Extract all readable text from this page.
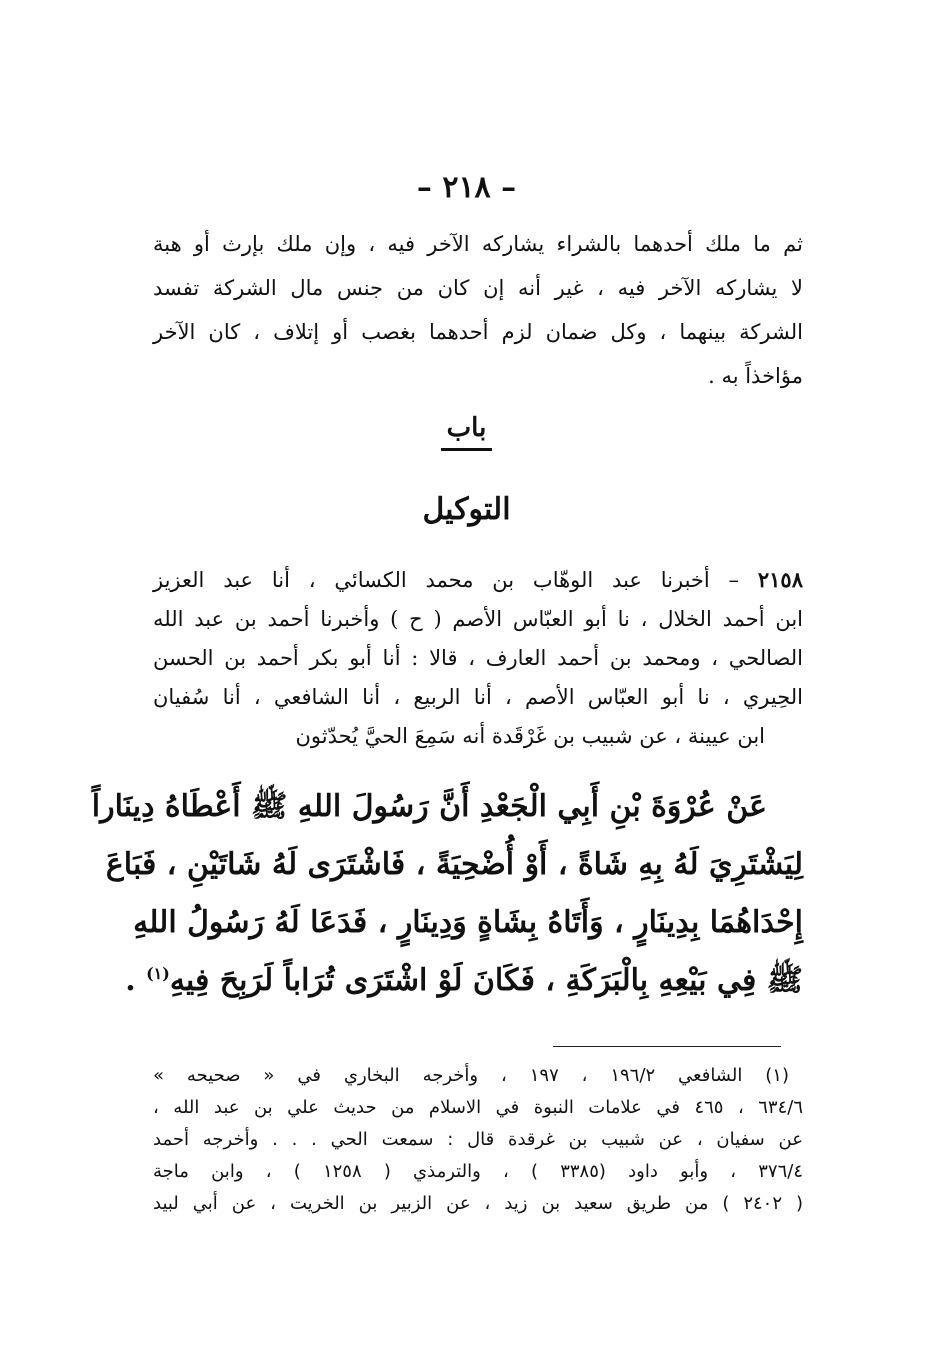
– ٢١٨ –
ثم ما ملك أحدهما بالشراء يشاركه الآخر فيه ، وإن ملك بإرث أو هبة
لا يشاركه الآخر فيه ، غير أنه إن كان من جنس مال الشركة تفسد
الشركة بينهما ، وكل ضمان لزم أحدهما بغصب أو إتلاف ، كان الآخر
مؤاخذاً به .
باب
التوكيل
٢١٥٨ – أخبرنا عبد الوهّاب بن محمد الكسائي ، أنا عبد العزيز
ابن أحمد الخلال ، نا أبو العبّاس الأصم ( ح ) وأخبرنا أحمد بن عبد الله
الصالحي ، ومحمد بن أحمد العارف ، قالا : أنا أبو بكر أحمد بن الحسن
الحِيري ، نا أبو العبّاس الأصم ، أنا الربيع ، أنا الشافعي ، أنا سُفيان
ابن عيينة ، عن شبيب بن غَرْقَدة أنه سَمِعَ الحيَّ يُحدّثون
عَنْ عُرْوَةَ بْنِ أَبِي الْجَعْدِ أَنَّ رَسُولَ اللهِ ﷺ أَعْطَاهُ دِينَاراً
لِيَشْتَرِيَ لَهُ بِهِ شَاةً ، أَوْ أُضْحِيَةً ، فَاشْتَرَى لَهُ شَاتَيْنِ ، فَبَاعَ
إِحْدَاهُمَا بِدِينَارٍ ، وَأَتَاهُ بِشَاةٍ وَدِينَارٍ ، فَدَعَا لَهُ رَسُولُ اللهِ
ﷺ فِي بَيْعِهِ بِالْبَرَكَةِ ، فَكَانَ لَوْ اشْتَرَى تُرَاباً لَرَبِحَ فِيهِ$^{(١)}$ .
(١) الشافعي ١٩٦/٢ ، ١٩٧ ، وأخرجه البخاري في « صحيحه »
٦٣٤/٦ ، ٤٦٥ في علامات النبوة في الاسلام من حديث علي بن عبد الله ،
عن سفيان ، عن شبيب بن غرقدة قال : سمعت الحي . . . وأخرجه أحمد
٣٧٦/٤ ، وأبو داود (٣٣٨٥ ) ، والترمذي ( ١٢٥٨ ) ، وابن ماجة
( ٢٤٠٢ ) من طريق سعيد بن زيد ، عن الزبير بن الخريت ، عن أبي لبيد
